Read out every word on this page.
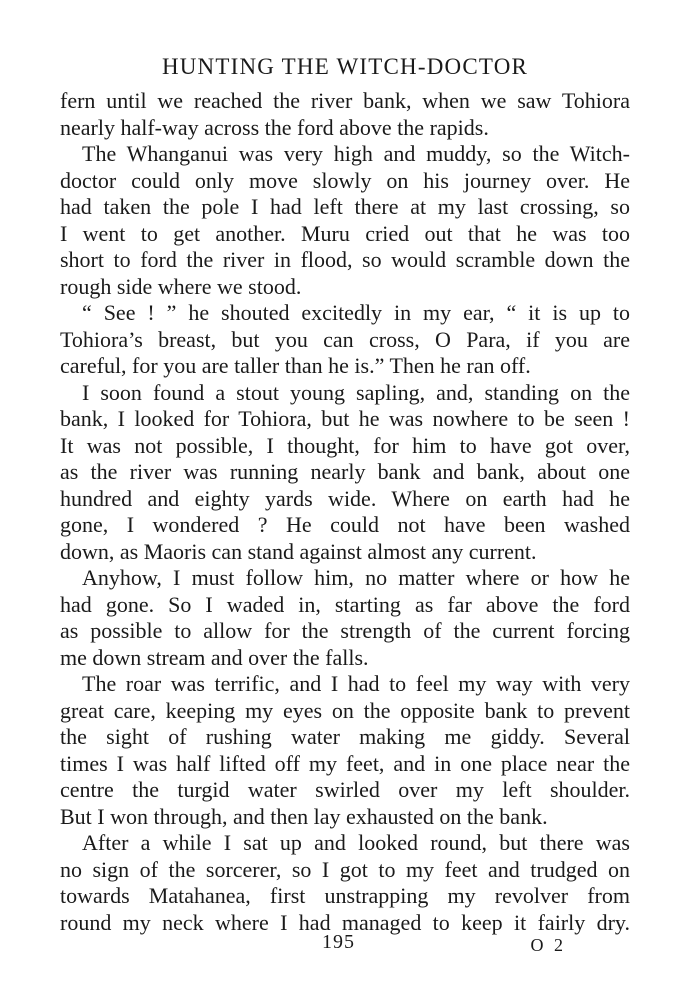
HUNTING THE WITCH-DOCTOR

fern until we reached the river bank, when we saw Tohiora
nearly half-way across the ford above the rapids.

The Whanganui was very high and muddy, so the Witch-
doctor could only move slowly on his journey over. He
had taken the pole I had left there at my last crossing, so
I went to get another. Muru cried out that he was too
short to ford the river in flood, so would scramble down the
rough side where we stood.

“ See ! ” he shouted excitedly in my ear, “ it is up to
Tohiora’s breast, but you can cross, O Para, if you are
careful, for you are taller than he is.” Then he ran off.

I soon found a stout young sapling, and, standing on the
bank, I looked for Tohiora, but he was nowhere to be seen !
It was not possible, I thought, for him to have got over,
as the river was running nearly bank and bank, about one
hundred and eighty yards wide. Where on earth had he
gone, I wondered ? He could not have been washed
down, as Maoris can stand against almost any current.

Anyhow, I must follow him, no matter where or how he
had gone. So I waded in, starting as far above the ford
as possible to allow for the strength of the current forcing
me down stream and over the falls.

The roar was terrific, and I had to feel my way with very
great care, keeping my eyes on the opposite bank to prevent
the sight of rushing water making me giddy. Several
times I was half lifted off my feet, and in one place near the
centre the turgid water swirled over my left shoulder.
But I won through, and then lay exhausted on the bank.

After a while I sat up and looked round, but there was
no sign of the sorcerer, so I got to my feet and trudged on
towards Matahanea, first unstrapping my revolver from
round my neck where I had managed to keep it fairly dry.

195	O 2
